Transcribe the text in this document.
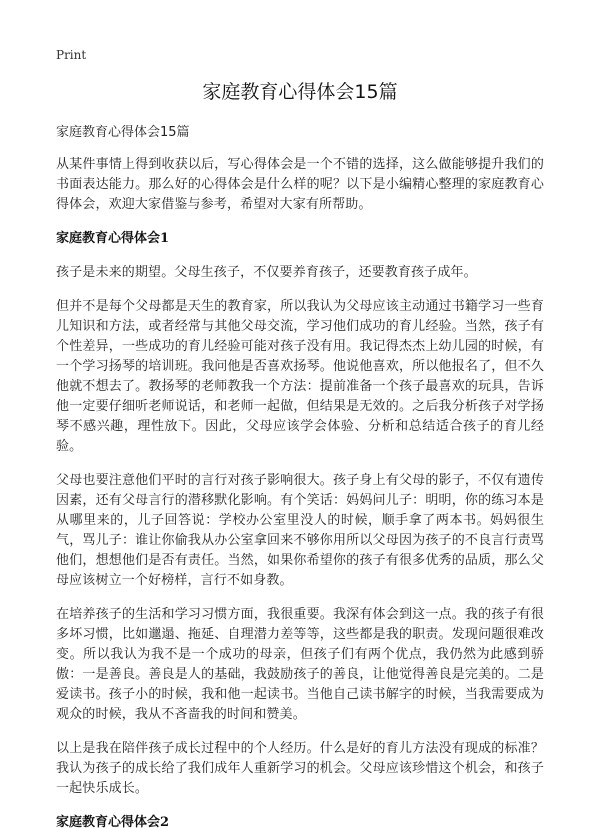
Print
家庭教育心得体会15篇
家庭教育心得体会15篇

从某件事情上得到收获以后，写心得体会是一个不错的选择，这么做能够提升我们的书面表达能力。那么好的心得体会是什么样的呢？以下是小编精心整理的家庭教育心得体会，欢迎大家借鉴与参考，希望对大家有所帮助。

家庭教育心得体会1

孩子是未来的期望。父母生孩子，不仅要养育孩子，还要教育孩子成年。

但并不是每个父母都是天生的教育家，所以我认为父母应该主动通过书籍学习一些育儿知识和方法，或者经常与其他父母交流，学习他们成功的育儿经验。当然，孩子有个性差异，一些成功的育儿经验可能对孩子没有用。我记得杰杰上幼儿园的时候，有一个学习扬琴的培训班。我问他是否喜欢扬琴。他说他喜欢，所以他报名了，但不久他就不想去了。教扬琴的老师教我一个方法：提前准备一个孩子最喜欢的玩具，告诉他一定要仔细听老师说话，和老师一起做，但结果是无效的。之后我分析孩子对学扬琴不感兴趣，理性放下。因此，父母应该学会体验、分析和总结适合孩子的育儿经验。

父母也要注意他们平时的言行对孩子影响很大。孩子身上有父母的影子，不仅有遗传因素，还有父母言行的潜移默化影响。有个笑话：妈妈问儿子：明明，你的练习本是从哪里来的，儿子回答说：学校办公室里没人的时候，顺手拿了两本书。妈妈很生气，骂儿子：谁让你偷我从办公室拿回来不够你用所以父母因为孩子的不良言行责骂他们，想想他们是否有责任。当然，如果你希望你的孩子有很多优秀的品质，那么父母应该树立一个好榜样，言行不如身教。

在培养孩子的生活和学习习惯方面，我很重要。我深有体会到这一点。我的孩子有很多坏习惯，比如邋遢、拖延、自理潜力差等等，这些都是我的职责。发现问题很难改变。所以我认为我不是一个成功的母亲，但孩子们有两个优点，我仍然为此感到骄傲：一是善良。善良是人的基础，我鼓励孩子的善良，让他觉得善良是完美的。二是爱读书。孩子小的时候，我和他一起读书。当他自己读书解字的时候，当我需要成为观众的时候，我从不吝啬我的时间和赞美。

以上是我在陪伴孩子成长过程中的个人经历。什么是好的育儿方法没有现成的标准？我认为孩子的成长给了我们成年人重新学习的机会。父母应该珍惜这个机会，和孩子一起快乐成长。

家庭教育心得体会2
